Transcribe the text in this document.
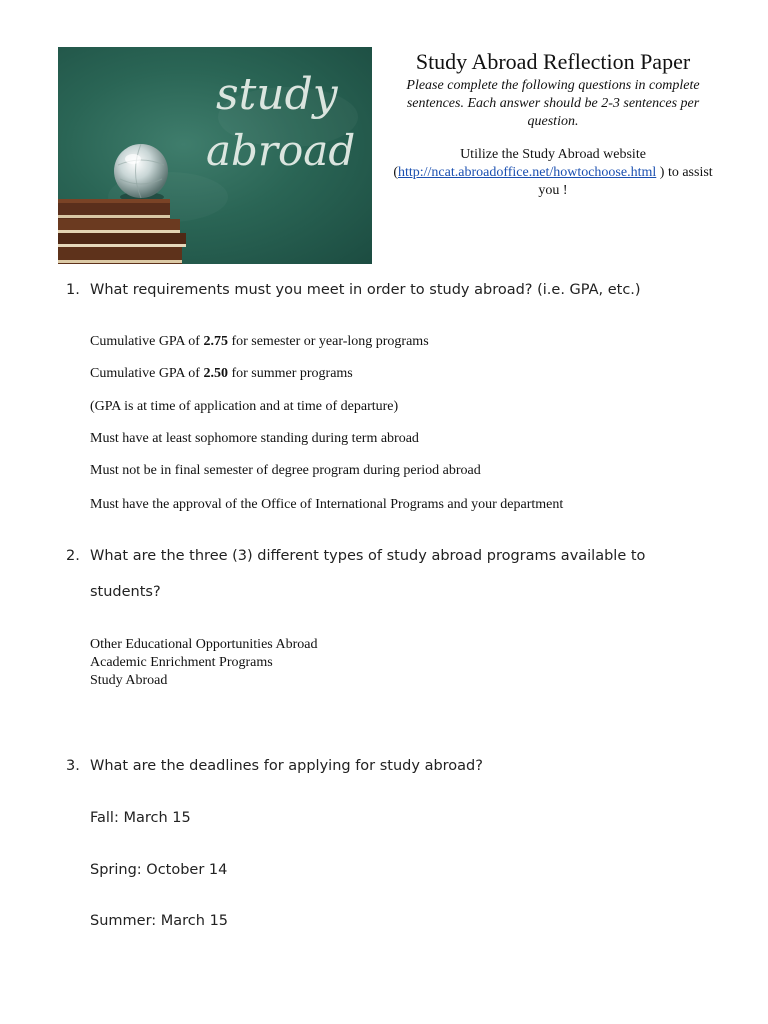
study
abroad
Study Abroad Reflection Paper
Please complete the following questions in complete sentences. Each answer should be 2-3 sentences per question.
Utilize the Study Abroad website (http://ncat.abroadoffice.net/howtochoose.html ) to assist you !
1. What requirements must you meet in order to study abroad? (i.e. GPA, etc.)
Cumulative GPA of 2.75 for semester or year-long programs
Cumulative GPA of 2.50 for summer programs
(GPA is at time of application and at time of departure)
Must have at least sophomore standing during term abroad
Must not be in final semester of degree program during period abroad
Must have the approval of the Office of International Programs and your department
2. What are the three (3) different types of study abroad programs available to
students?
Other Educational Opportunities Abroad
Academic Enrichment Programs
Study Abroad
3. What are the deadlines for applying for study abroad?
Fall: March 15
Spring: October 14
Summer: March 15
